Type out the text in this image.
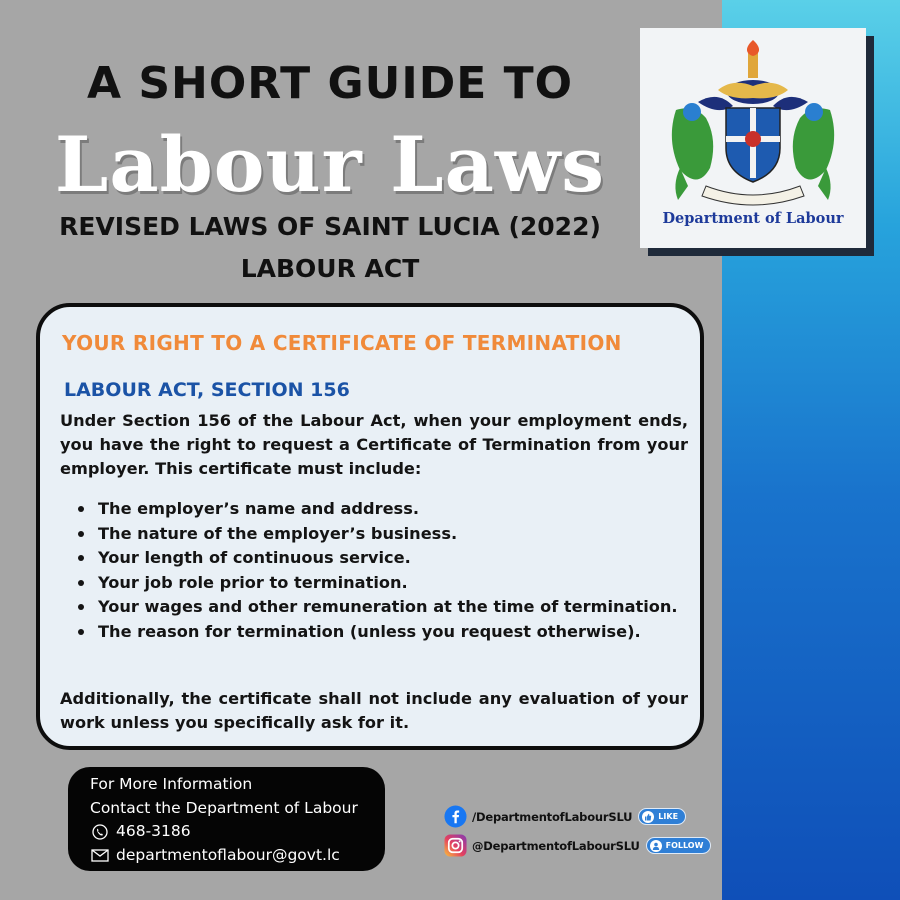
A SHORT GUIDE TO
Labour Laws
REVISED LAWS OF SAINT LUCIA (2022)
LABOUR ACT
Department of Labour
YOUR RIGHT TO A CERTIFICATE OF TERMINATION
LABOUR ACT, SECTION 156
Under Section 156 of the Labour Act, when your employment ends, you have the right to request a Certificate of Termination from your employer. This certificate must include:
The employer’s name and address.
The nature of the employer’s business.
Your length of continuous service.
Your job role prior to termination.
Your wages and other remuneration at the time of termination.
The reason for termination (unless you request otherwise).
Additionally, the certificate shall not include any evaluation of your work unless you specifically ask for it.
For More Information
Contact the Department of Labour
468-3186
departmentoflabour@govt.lc
/DepartmentofLabourSLU	LIKE
@DepartmentofLabourSLU	FOLLOW
